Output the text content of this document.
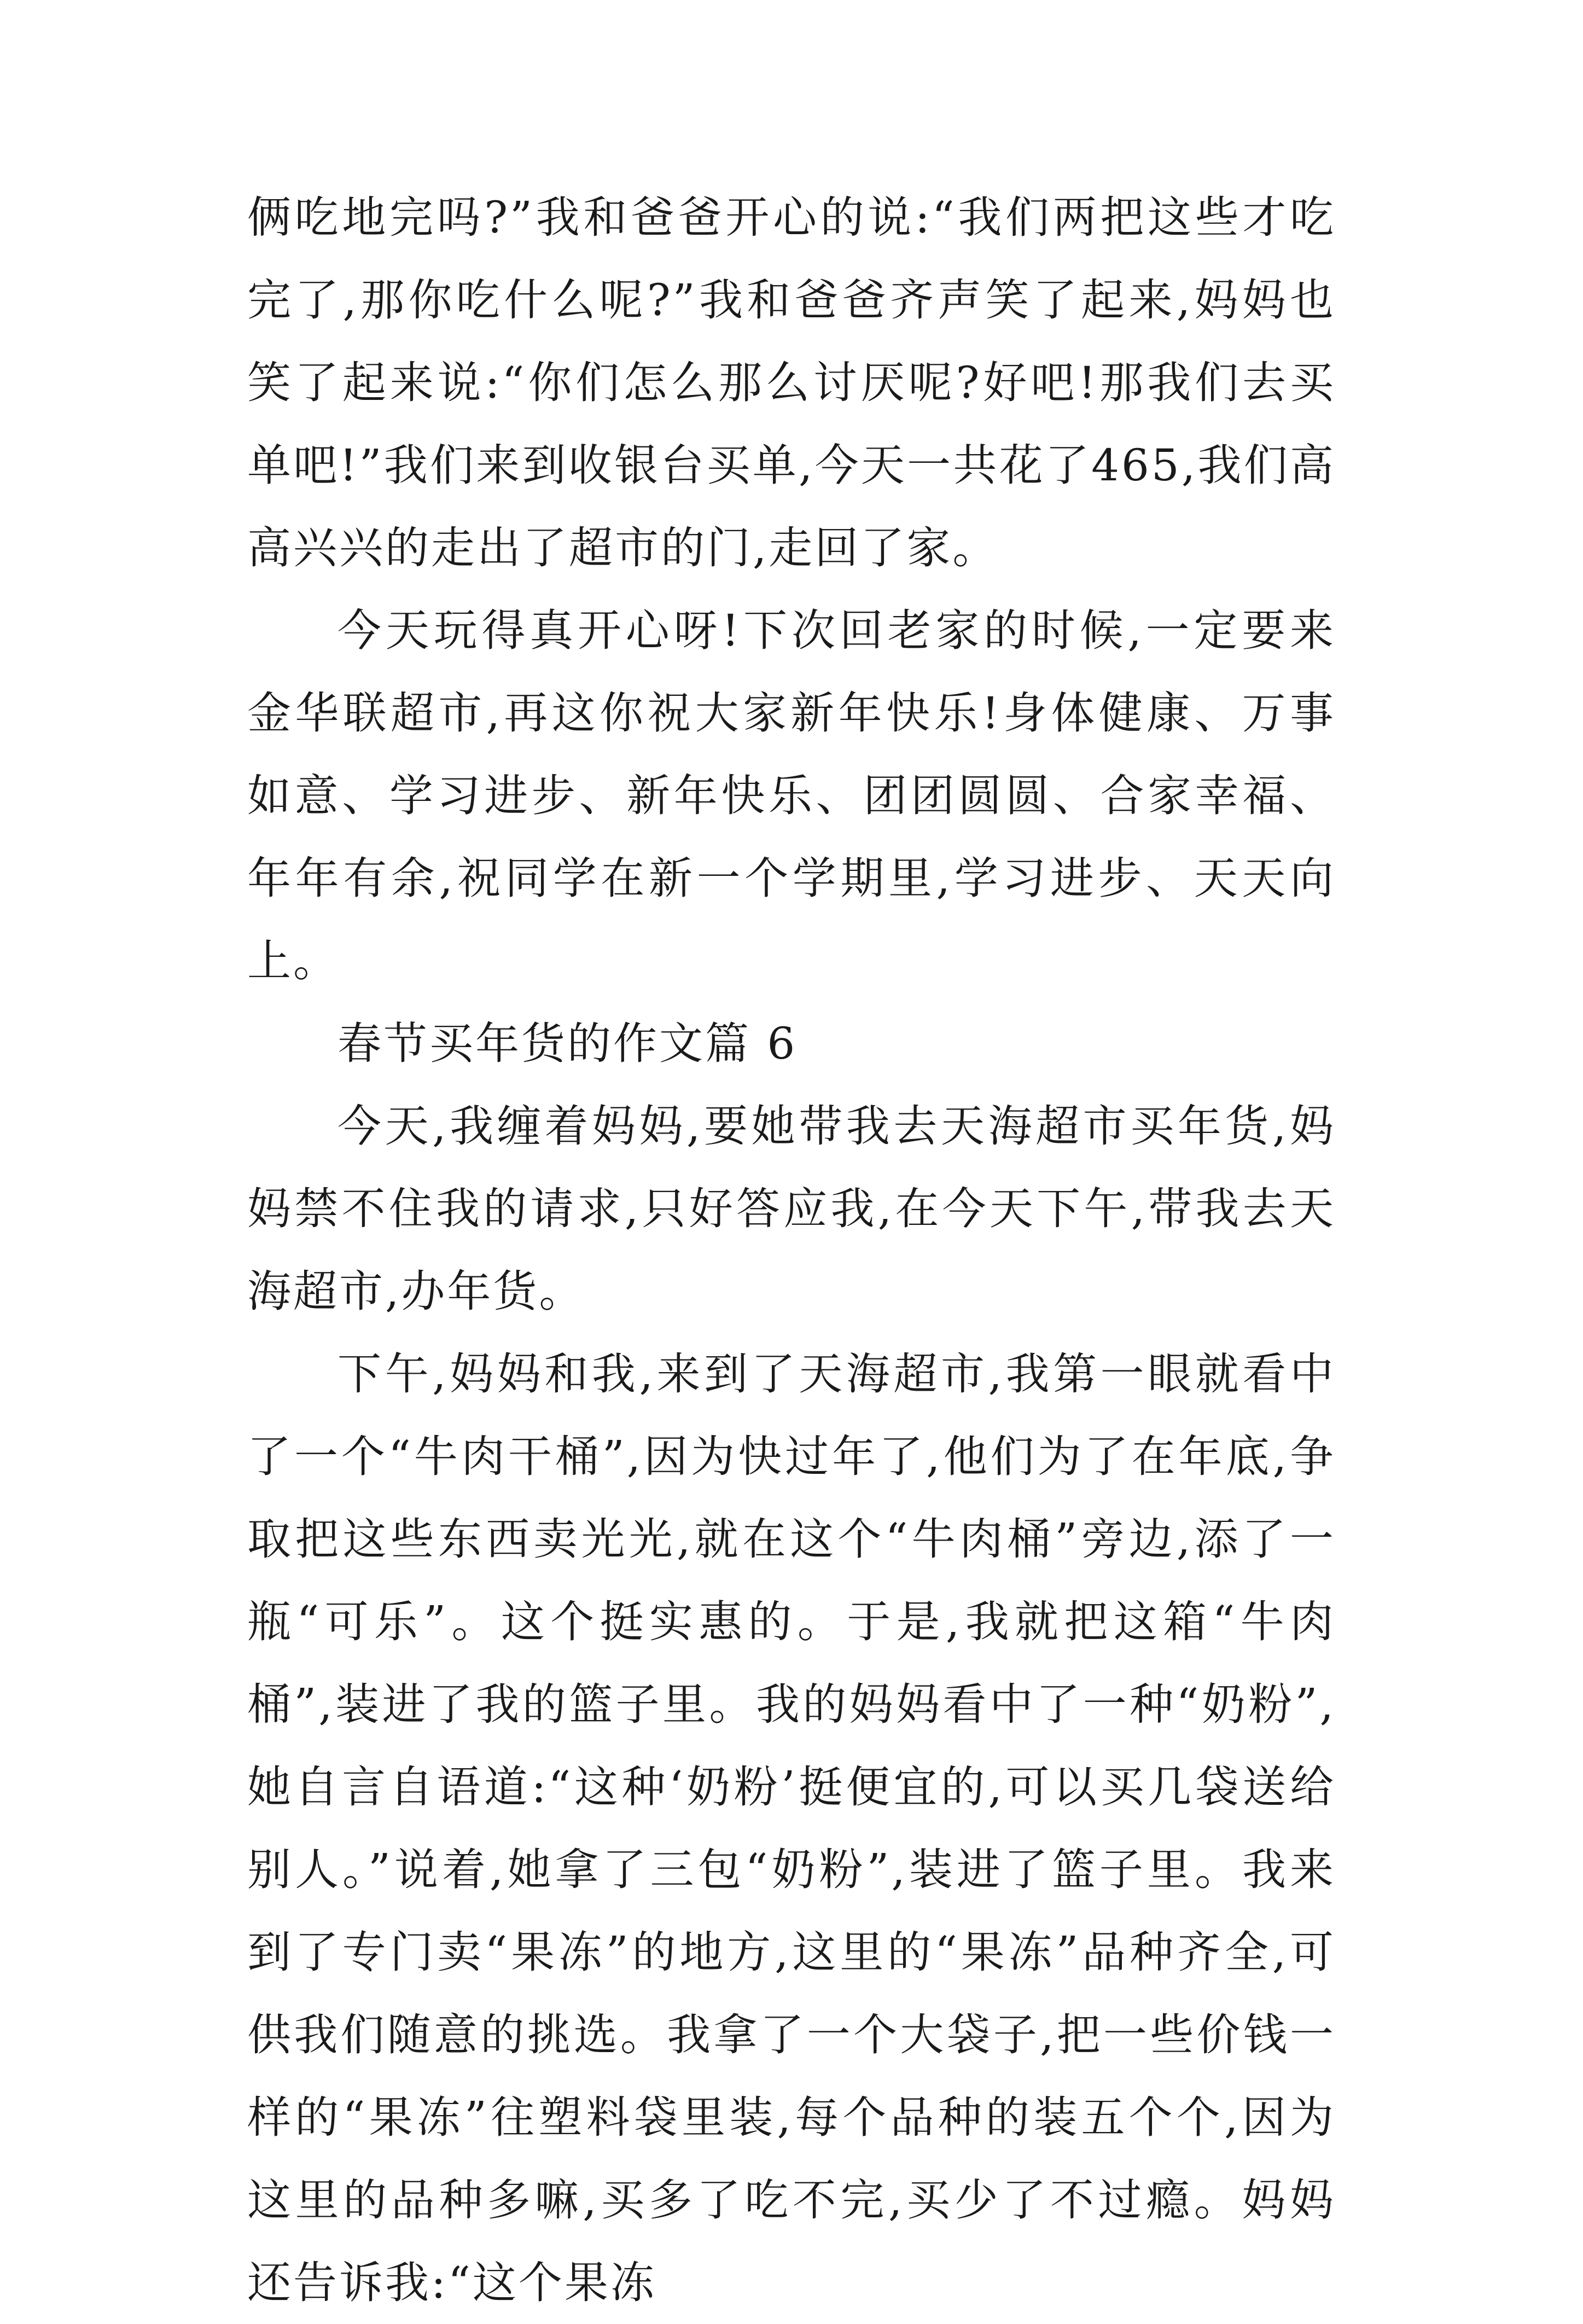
俩吃地完吗?”我和爸爸开心的说:“我们两把这些才吃完了,那你吃什么呢?”我和爸爸齐声笑了起来,妈妈也笑了起来说:“你们怎么那么讨厌呢?好吧!那我们去买单吧!”我们来到收银台买单,今天一共花了465,我们高高兴兴的走出了超市的门,走回了家。

今天玩得真开心呀!下次回老家的时候,一定要来金华联超市,再这你祝大家新年快乐!身体健康、万事如意、学习进步、新年快乐、团团圆圆、合家幸福、年年有余,祝同学在新一个学期里,学习进步、天天向上。

春节买年货的作文篇 6

今天,我缠着妈妈,要她带我去天海超市买年货,妈妈禁不住我的请求,只好答应我,在今天下午,带我去天海超市,办年货。

下午,妈妈和我,来到了天海超市,我第一眼就看中了一个“牛肉干桶”,因为快过年了,他们为了在年底,争取把这些东西卖光光,就在这个“牛肉桶”旁边,添了一瓶“可乐”。这个挺实惠的。于是,我就把这箱“牛肉桶”,装进了我的篮子里。我的妈妈看中了一种“奶粉”,她自言自语道:“这种‘奶粉’挺便宜的,可以买几袋送给别人。”说着,她拿了三包“奶粉”,装进了篮子里。我来到了专门卖“果冻”的地方,这里的“果冻”品种齐全,可供我们随意的挑选。我拿了一个大袋子,把一些价钱一样的“果冻”往塑料袋里装,每个品种的装五个个,因为这里的品种多嘛,买多了吃不完,买少了不过瘾。妈妈还告诉我:“这个果冻
